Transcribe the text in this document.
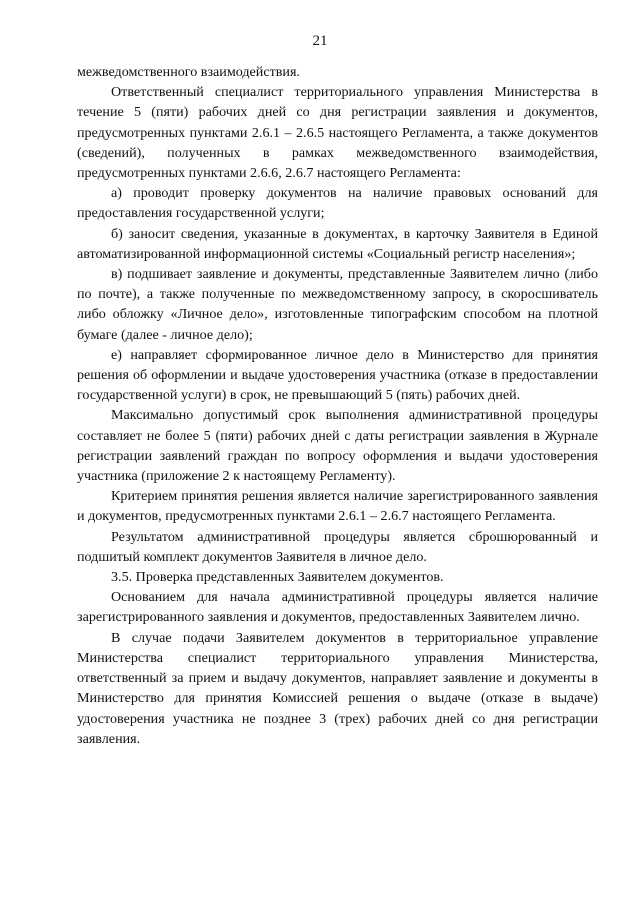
21

межведомственного взаимодействия.

Ответственный специалист территориального управления Министерства в течение 5 (пяти) рабочих дней со дня регистрации заявления и документов, предусмотренных пунктами 2.6.1 – 2.6.5 настоящего Регламента, а также документов (сведений), полученных в рамках межведомственного взаимодействия, предусмотренных пунктами 2.6.6, 2.6.7 настоящего Регламента:

а) проводит проверку документов на наличие правовых оснований для предоставления государственной услуги;

б) заносит сведения, указанные в документах, в карточку Заявителя в Единой автоматизированной информационной системы «Социальный регистр населения»;

в) подшивает заявление и документы, представленные Заявителем лично (либо по почте), а также полученные по межведомственному запросу, в скоросшиватель либо обложку «Личное дело», изготовленные типографским способом на плотной бумаге (далее - личное дело);

е) направляет сформированное личное дело в Министерство для принятия решения об оформлении и выдаче удостоверения участника (отказе в предоставлении государственной услуги) в срок, не превышающий 5 (пять) рабочих дней.

Максимально допустимый срок выполнения административной процедуры составляет не более 5 (пяти) рабочих дней с даты регистрации заявления в Журнале регистрации заявлений граждан по вопросу оформления и выдачи удостоверения участника (приложение 2 к настоящему Регламенту).

Критерием принятия решения является наличие зарегистрированного заявления и документов, предусмотренных пунктами 2.6.1 – 2.6.7 настоящего Регламента.

Результатом административной процедуры является сброшюрованный и подшитый комплект документов Заявителя в личное дело.

3.5. Проверка представленных Заявителем документов.

Основанием для начала административной процедуры является наличие зарегистрированного заявления и документов, предоставленных Заявителем лично.

В случае подачи Заявителем документов в территориальное управление Министерства специалист территориального управления Министерства, ответственный за прием и выдачу документов, направляет заявление и документы в Министерство для принятия Комиссией решения о выдаче (отказе в выдаче) удостоверения участника не позднее 3 (трех) рабочих дней со дня регистрации заявления.
